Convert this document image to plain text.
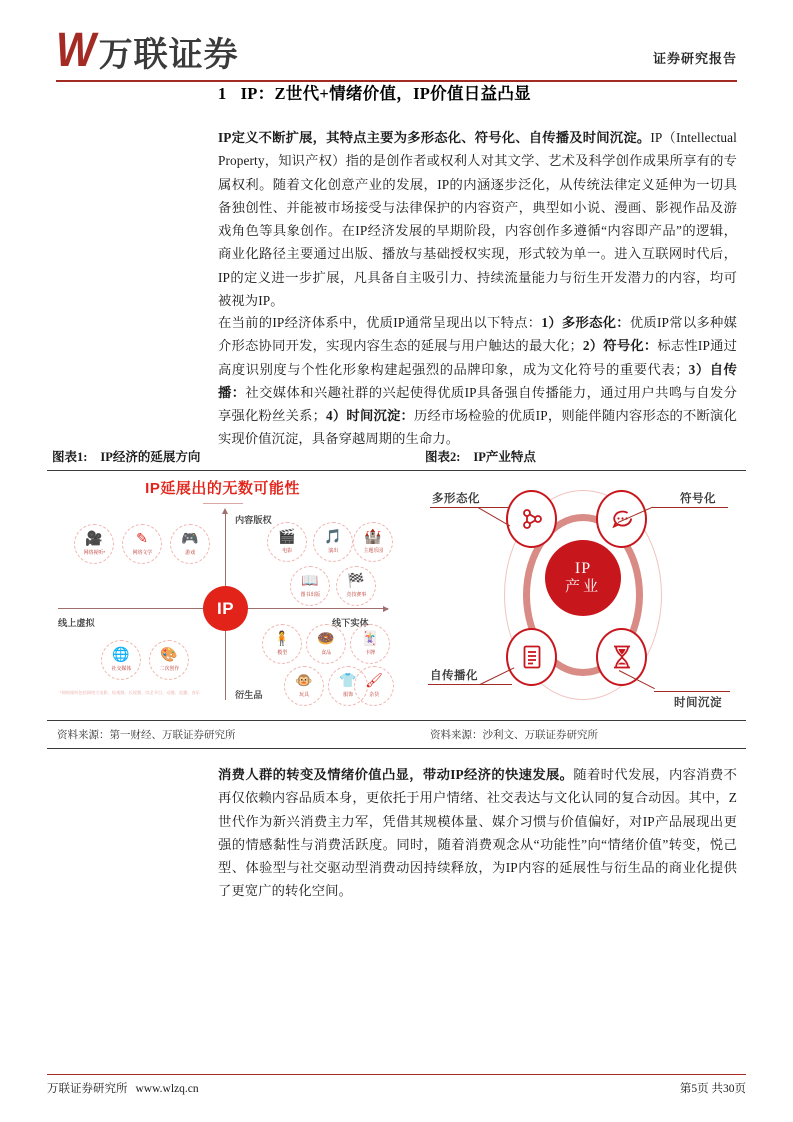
W 万联证券	证券研究报告
1 IP：Z世代+情绪价值，IP价值日益凸显
IP定义不断扩展，其特点主要为多形态化、符号化、自传播及时间沉淀。IP（Intellectual Property，知识产权）指的是创作者或权利人对其文学、艺术及科学创作成果所享有的专属权利。随着文化创意产业的发展，IP的内涵逐步泛化，从传统法律定义延伸为一切具备独创性、并能被市场接受与法律保护的内容资产，典型如小说、漫画、影视作品及游戏角色等具象创作。在IP经济发展的早期阶段，内容创作多遵循“内容即产品”的逻辑，商业化路径主要通过出版、播放与基础授权实现，形式较为单一。进入互联网时代后，IP的定义进一步扩展，凡具备自主吸引力、持续流量能力与衍生开发潜力的内容，均可被视为IP。
在当前的IP经济体系中，优质IP通常呈现出以下特点：1）多形态化：优质IP常以多种媒介形态协同开发，实现内容生态的延展与用户触达的最大化；2）符号化：标志性IP通过高度识别度与个性化形象构建起强烈的品牌印象，成为文化符号的重要代表；3）自传播：社交媒体和兴趣社群的兴起使得优质IP具备强自传播能力，通过用户共鸣与自发分享强化粉丝关系；4）时间沉淀：历经市场检验的优质IP，则能伴随内容形态的不断演化实现价值沉淀，具备穿越周期的生命力。
图表1: IP经济的延展方向	图表2: IP产业特点
IP延展出的无数可能性
内容版权
衍生品
线上虚拟	线下实体
IP
🎥
网络视听*
✎
网络文学
🎮
游戏
🎬
电影
🎵
演出
🏰
主题乐园
📖
图书出版
🏁
竞技赛事
🌐
社交媒体
🎨
二次创作
🧍
模型
🍩
食品
🃏
卡牌
🐵
玩具
👕
服饰
🖌
杂货
*网络视听包括网络大电影、短视频、长视频、综艺节目、动漫、直播、音乐
IP
产业
多形态化	符号化
自传播化
时间沉淀
资料来源：第一财经、万联证券研究所	资料来源：沙利文、万联证券研究所
消费人群的转变及情绪价值凸显，带动IP经济的快速发展。随着时代发展，内容消费不再仅依赖内容品质本身，更依托于用户情绪、社交表达与文化认同的复合动因。其中，Z世代作为新兴消费主力军，凭借其规模体量、媒介习惯与价值偏好，对IP产品展现出更强的情感黏性与消费活跃度。同时，随着消费观念从“功能性”向“情绪价值”转变，悦己型、体验型与社交驱动型消费动因持续释放，为IP内容的延展性与衍生品的商业化提供了更宽广的转化空间。
万联证券研究所 www.wlzq.cn	第5页 共30页
